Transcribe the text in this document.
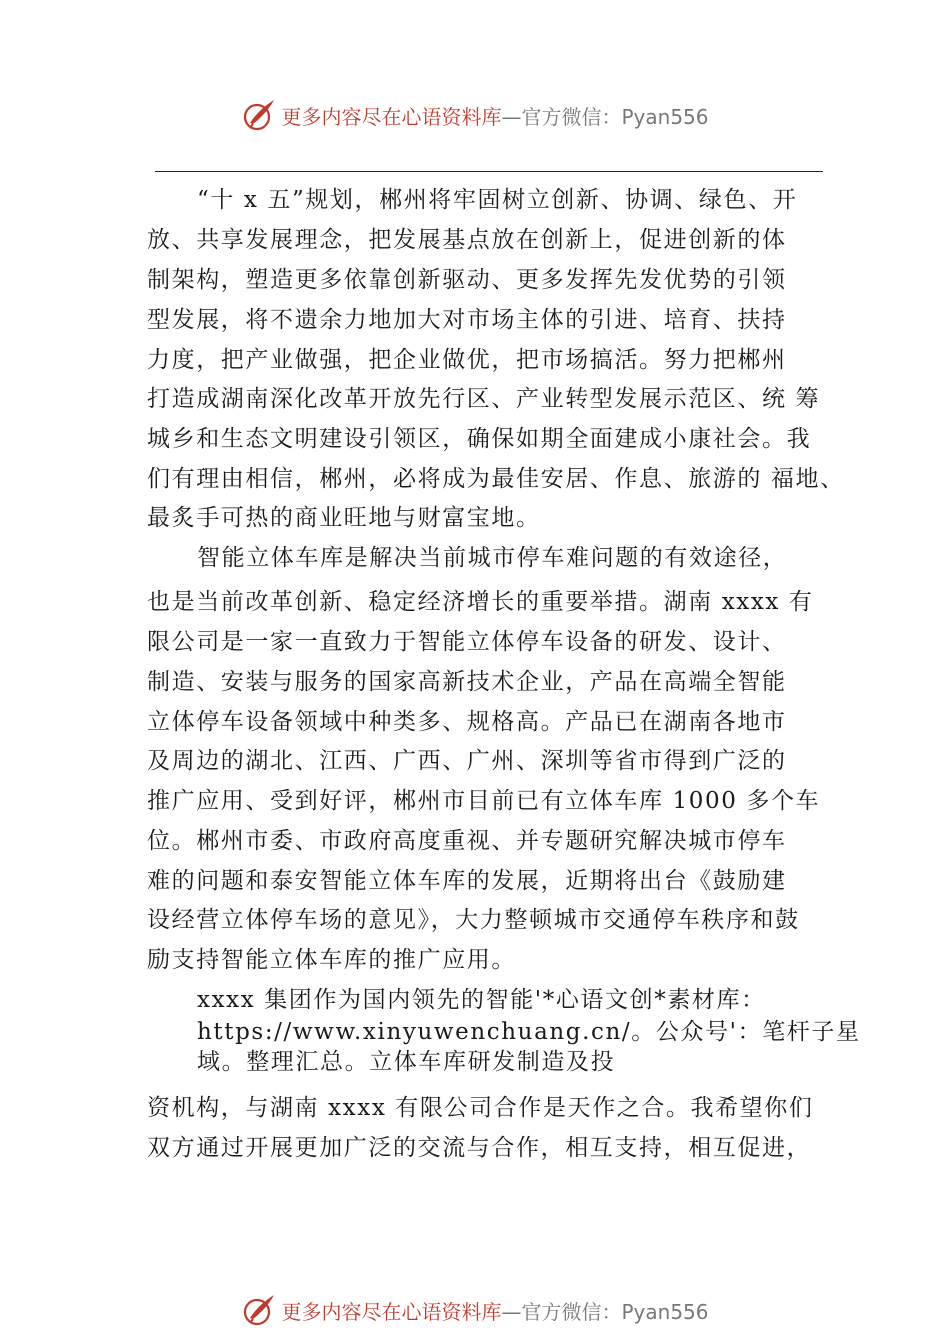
更多内容尽在心语资料库—官方微信：Pyan556
“十 x 五”规划，郴州将牢固树立创新、协调、绿色、开
放、共享发展理念，把发展基点放在创新上，促进创新的体
制架构，塑造更多依靠创新驱动、更多发挥先发优势的引领
型发展，将不遗余力地加大对市场主体的引进、培育、扶持
力度，把产业做强，把企业做优，把市场搞活。努力把郴州
打造成湖南深化改革开放先行区、产业转型发展示范区、统 筹
城乡和生态文明建设引领区，确保如期全面建成小康社会。我
们有理由相信，郴州，必将成为最佳安居、作息、旅游的 福地、
最炙手可热的商业旺地与财富宝地。
智能立体车库是解决当前城市停车难问题的有效途径，
也是当前改革创新、稳定经济增长的重要举措。湖南 xxxx 有
限公司是一家一直致力于智能立体停车设备的研发、设计、
制造、安装与服务的国家高新技术企业，产品在高端全智能
立体停车设备领域中种类多、规格高。产品已在湖南各地市
及周边的湖北、江西、广西、广州、深圳等省市得到广泛的
推广应用、受到好评，郴州市目前已有立体车库 1000 多个车
位。郴州市委、市政府高度重视、并专题研究解决城市停车
难的问题和泰安智能立体车库的发展，近期将出台《鼓励建
设经营立体停车场的意见》，大力整顿城市交通停车秩序和鼓
励支持智能立体车库的推广应用。
xxxx 集团作为国内领先的智能'*心语文创*素材库：
https://www.xinyuwenchuang.cn/。公众号'：笔杆子星
域。整理汇总。立体车库研发制造及投
资机构，与湖南 xxxx 有限公司合作是天作之合。我希望你们
双方通过开展更加广泛的交流与合作，相互支持，相互促进，
更多内容尽在心语资料库—官方微信：Pyan556
